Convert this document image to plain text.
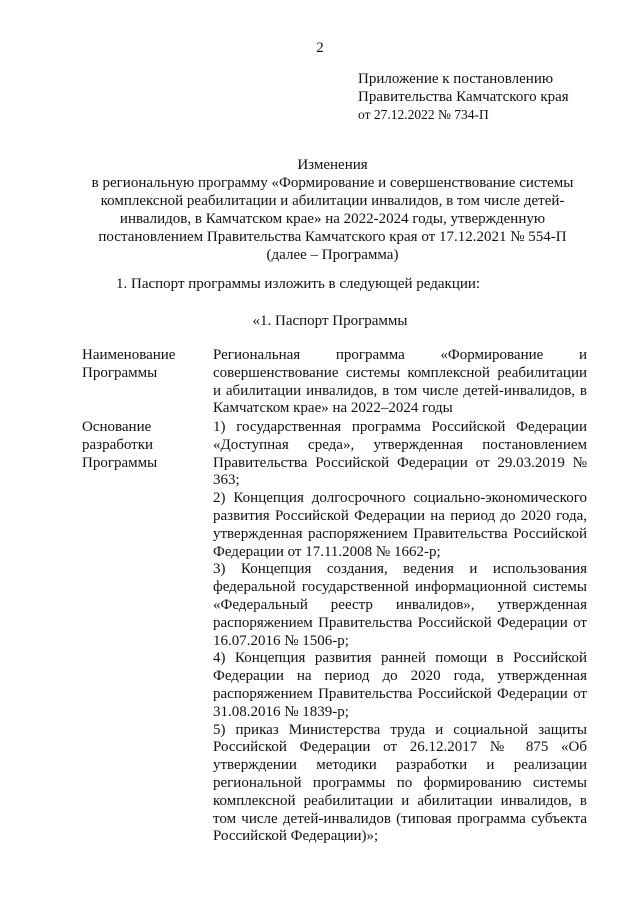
2
Приложение к постановлению
Правительства Камчатского края
от 27.12.2022 № 734-П
Изменения
в региональную программу «Формирование и совершенствование системы
комплексной реабилитации и абилитации инвалидов, в том числе детей-
инвалидов, в Камчатском крае» на 2022-2024 годы, утвержденную
постановлением Правительства Камчатского края от 17.12.2021 № 554-П
(далее – Программа)
1. Паспорт программы изложить в следующей редакции:
«1. Паспорт Программы
Наименование Программы
Региональная программа «Формирование и совершенствование системы комплексной реабилитации и абилитации инвалидов, в том числе детей-инвалидов, в Камчатском крае» на 2022–2024 годы
Основание разработки Программы

1) государственная программа Российской Федерации «Доступная среда», утвержденная постановлением Правительства Российской Федерации от 29.03.2019 № 363;

2) Концепция долгосрочного социально-экономического развития Российской Федерации на период до 2020 года, утвержденная распоряжением Правительства Российской Федерации от 17.11.2008 № 1662-р;

3) Концепция создания, ведения и использования федеральной государственной информационной системы «Федеральный реестр инвалидов», утвержденная распоряжением Правительства Российской Федерации от 16.07.2016 № 1506-р;

4) Концепция развития ранней помощи в Российской Федерации на период до 2020 года, утвержденная распоряжением Правительства Российской Федерации от 31.08.2016 № 1839-р;

5) приказ Министерства труда и социальной защиты Российской Федерации от 26.12.2017 № 875 «Об утверждении методики разработки и реализации региональной программы по формированию системы комплексной реабилитации и абилитации инвалидов, в том числе детей-инвалидов (типовая программа субъекта Российской Федерации)»;
